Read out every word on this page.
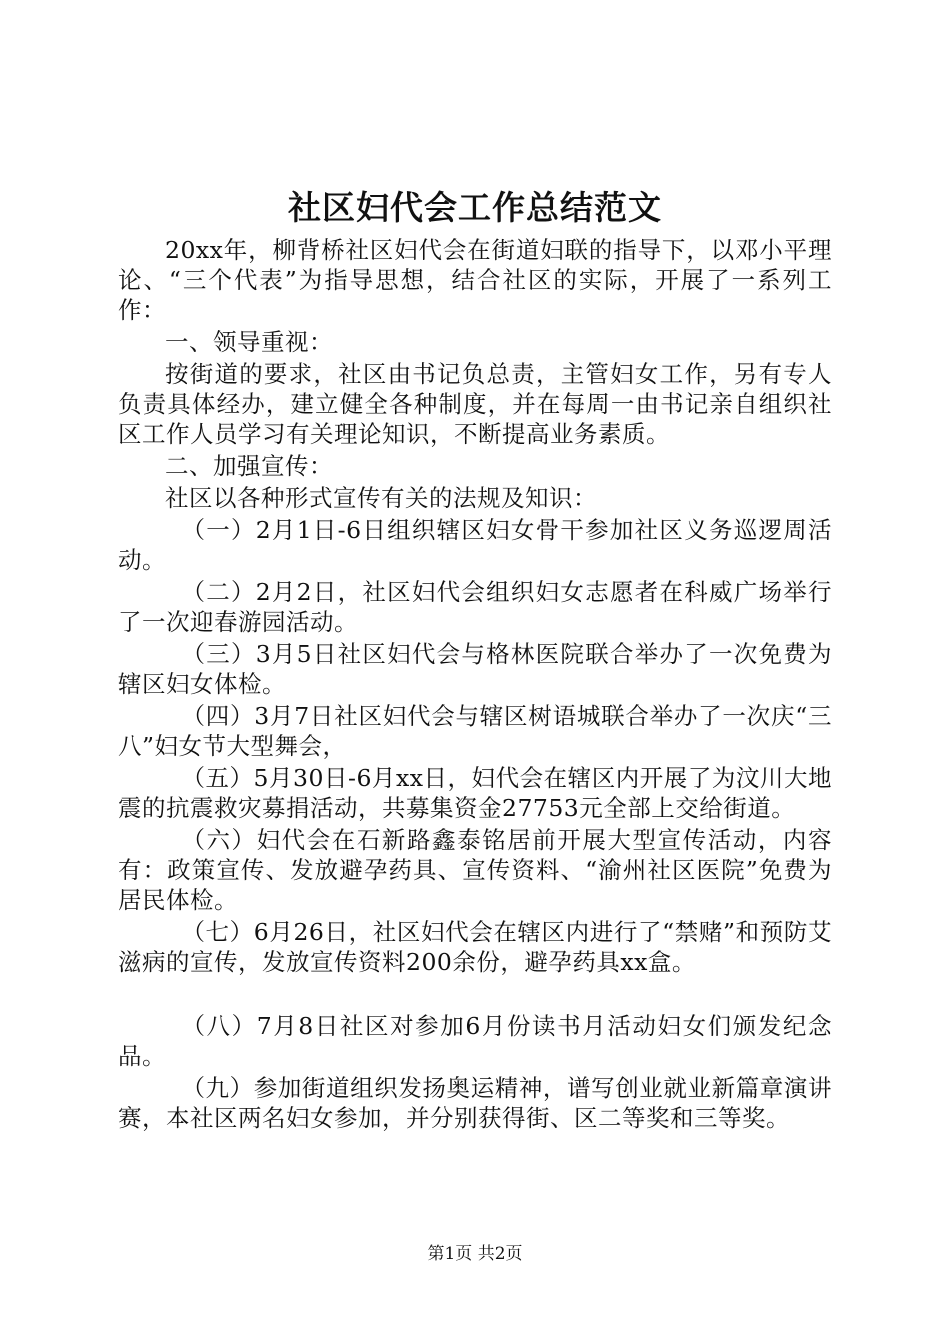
社区妇代会工作总结范文

20xx年，柳背桥社区妇代会在街道妇联的指导下，以邓小平理论、“三个代表”为指导思想，结合社区的实际，开展了一系列工作：

一、领导重视：

按街道的要求，社区由书记负总责，主管妇女工作，另有专人负责具体经办，建立健全各种制度，并在每周一由书记亲自组织社区工作人员学习有关理论知识，不断提高业务素质。

二、加强宣传：

社区以各种形式宣传有关的法规及知识：

（一）2月1日-6日组织辖区妇女骨干参加社区义务巡逻周活动。

（二）2月2日，社区妇代会组织妇女志愿者在科威广场举行了一次迎春游园活动。

（三）3月5日社区妇代会与格林医院联合举办了一次免费为辖区妇女体检。

（四）3月7日社区妇代会与辖区树语城联合举办了一次庆“三八”妇女节大型舞会，

（五）5月30日-6月xx日，妇代会在辖区内开展了为汶川大地震的抗震救灾募捐活动，共募集资金27753元全部上交给街道。

（六）妇代会在石新路鑫泰铭居前开展大型宣传活动，内容有：政策宣传、发放避孕药具、宣传资料、“渝州社区医院”免费为居民体检。

（七）6月26日，社区妇代会在辖区内进行了“禁赌”和预防艾滋病的宣传，发放宣传资料200余份，避孕药具xx盒。

（八）7月8日社区对参加6月份读书月活动妇女们颁发纪念品。

（九）参加街道组织发扬奥运精神，谱写创业就业新篇章演讲赛，本社区两名妇女参加，并分别获得街、区二等奖和三等奖。

第1页 共2页
